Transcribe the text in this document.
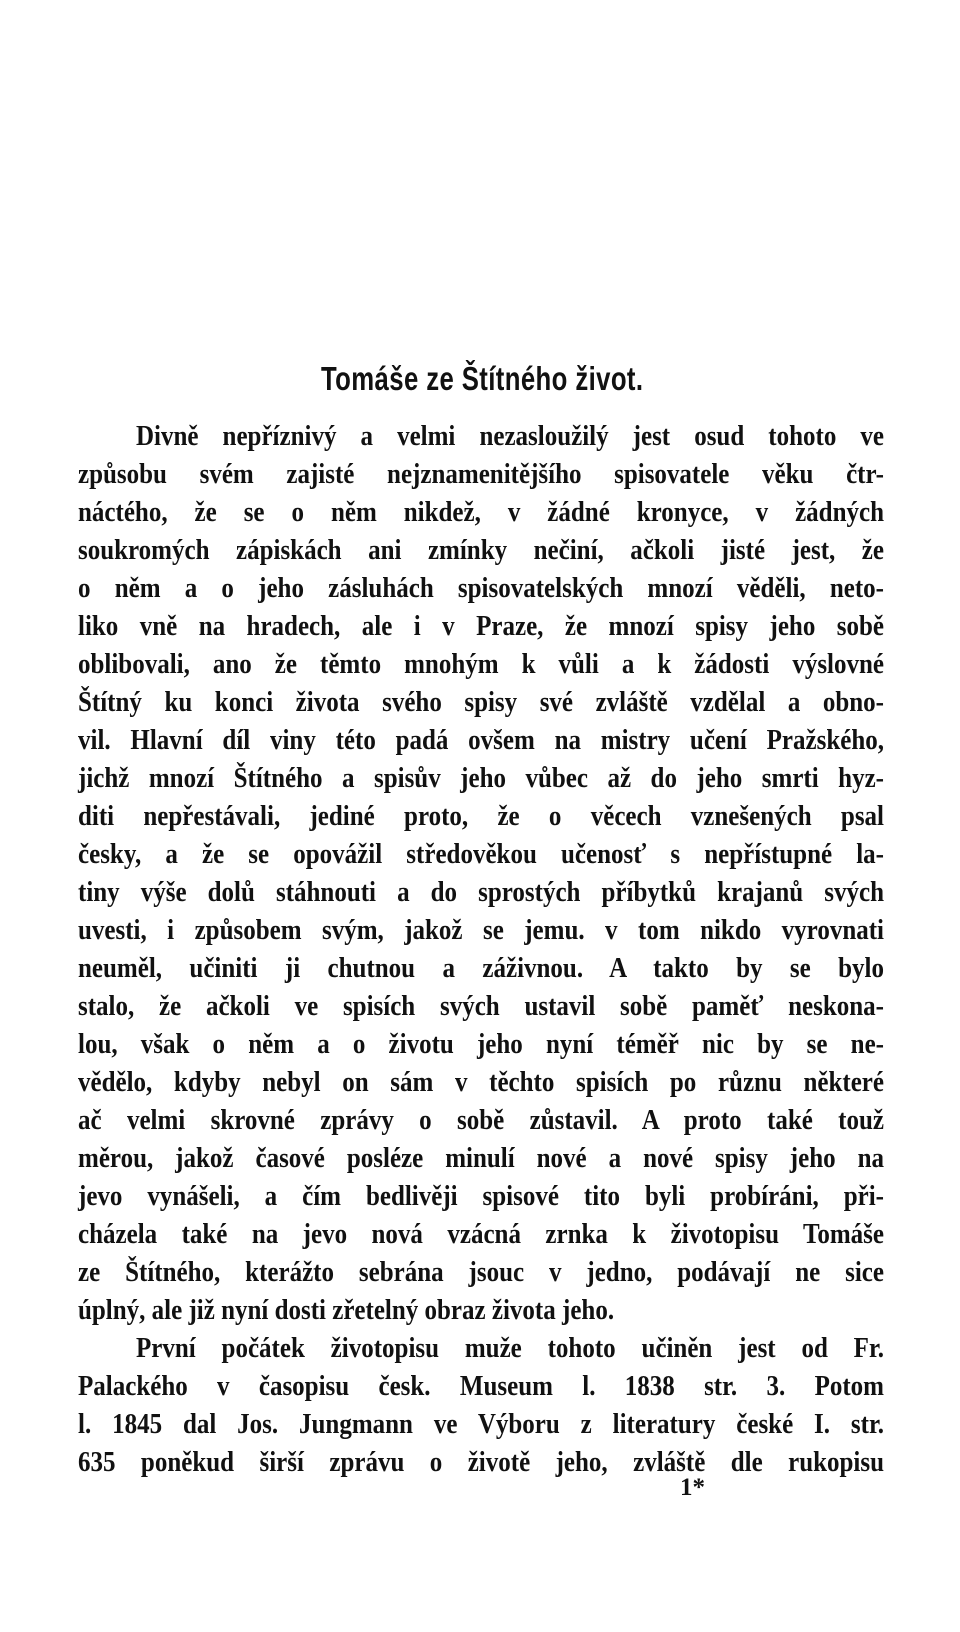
Tomáše ze Štítného život.
Divně nepříznivý a velmi nezasloužilý jest osud tohoto ve
způsobu svém zajisté nejznamenitějšího spisovatele věku čtr-
náctého, že se o něm nikdež, v žádné kronyce, v žádných
soukromých zápiskách ani zmínky nečiní, ačkoli jisté jest, že
o něm a o jeho zásluhách spisovatelských mnozí věděli, neto-
liko vně na hradech, ale i v Praze, že mnozí spisy jeho sobě
oblibovali, ano že těmto mnohým k vůli a k žádosti výslovné
Štítný ku konci života svého spisy své zvláště vzdělal a obno-
vil. Hlavní díl viny této padá ovšem na mistry učení Pražského,
jichž mnozí Štítného a spisův jeho vůbec až do jeho smrti hyz-
diti nepřestávali, jediné proto, že o věcech vznešených psal
česky, a že se opovážil středověkou učenosť s nepřístupné la-
tiny výše dolů stáhnouti a do sprostých příbytků krajanů svých
uvesti, i způsobem svým, jakož se jemu. v tom nikdo vyrovnati
neuměl, učiniti ji chutnou a záživnou. A takto by se bylo
stalo, že ačkoli ve spisích svých ustavil sobě paměť neskona-
lou, však o něm a o životu jeho nyní téměř nic by se ne-
vědělo, kdyby nebyl on sám v těchto spisích po různu některé
ač velmi skrovné zprávy o sobě zůstavil. A proto také touž
měrou, jakož časové posléze minulí nové a nové spisy jeho na
jevo vynášeli, a čím bedlivěji spisové tito byli probíráni, při-
cházela také na jevo nová vzácná zrnka k životopisu Tomáše
ze Štítného, kterážto sebrána jsouc v jedno, podávají ne sice
úplný, ale již nyní dosti zřetelný obraz života jeho.
První počátek životopisu muže tohoto učiněn jest od Fr.
Palackého v časopisu česk. Museum l. 1838 str. 3. Potom
l. 1845 dal Jos. Jungmann ve Výboru z literatury české I. str.
635 poněkud širší zprávu o životě jeho, zvláště dle rukopisu
1*
